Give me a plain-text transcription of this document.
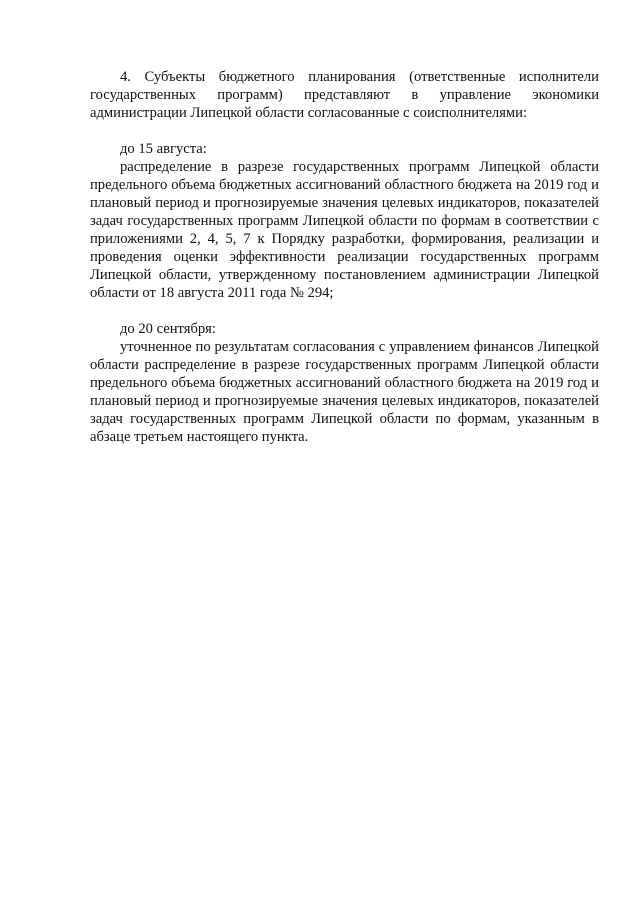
4. Субъекты бюджетного планирования (ответственные исполнители государственных программ) представляют в управление экономики администрации Липецкой области согласованные с соисполнителями:

до 15 августа:

распределение в разрезе государственных программ Липецкой области предельного объема бюджетных ассигнований областного бюджета на 2019 год и плановый период и прогнозируемые значения целевых индикаторов, показателей задач государственных программ Липецкой области по формам в соответствии с приложениями 2, 4, 5, 7 к Порядку разработки, формирования, реализации и проведения оценки эффективности реализации государственных программ Липецкой области, утвержденному постановлением администрации Липецкой области от 18 августа 2011 года № 294;

до 20 сентября:

уточненное по результатам согласования с управлением финансов Липецкой области распределение в разрезе государственных программ Липецкой области предельного объема бюджетных ассигнований областного бюджета на 2019 год и плановый период и прогнозируемые значения целевых индикаторов, показателей задач государственных программ Липецкой области по формам, указанным в абзаце третьем настоящего пункта.
